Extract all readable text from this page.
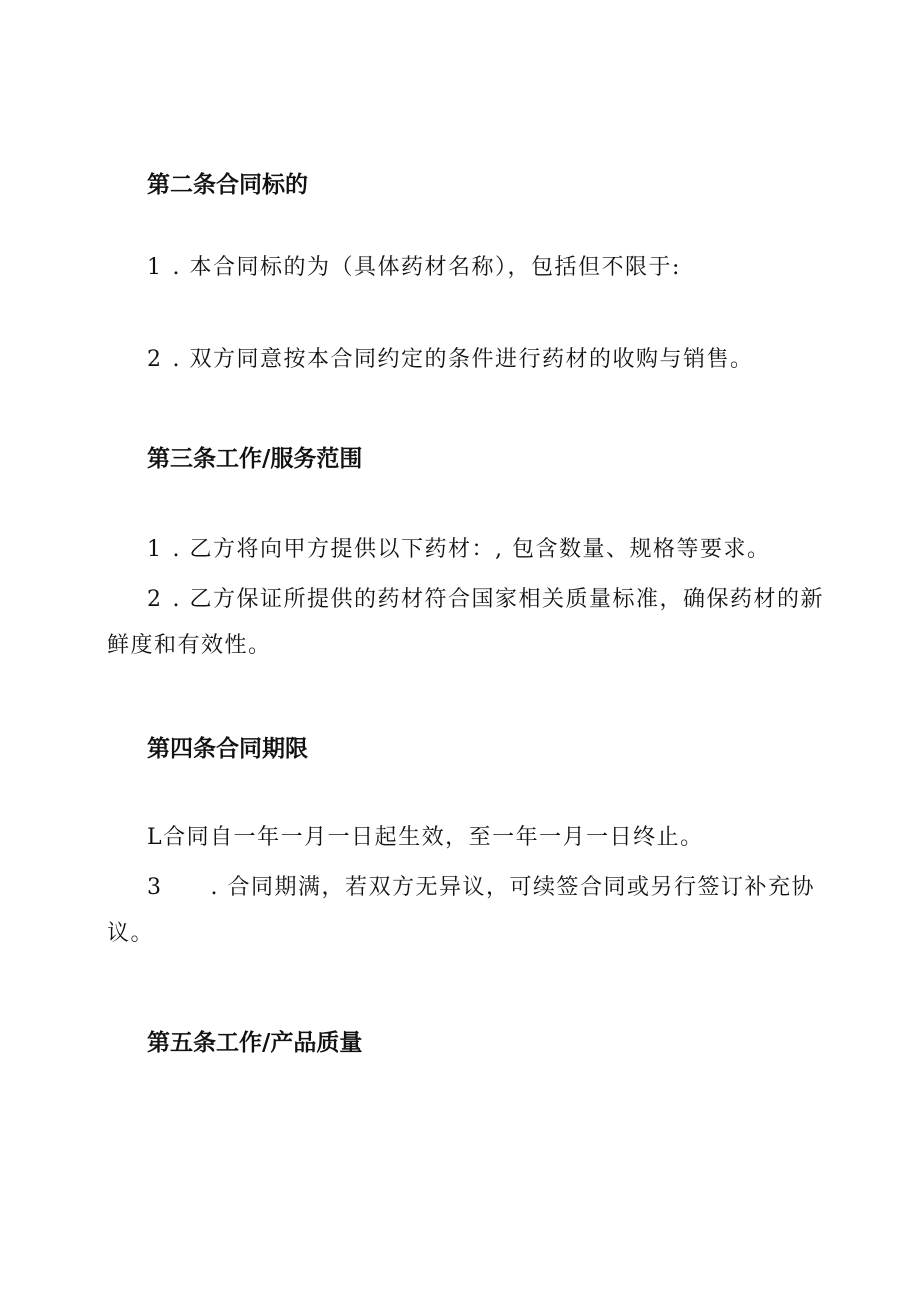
第二条合同标的
1 . 本合同标的为（具体药材名称），包括但不限于:
2 . 双方同意按本合同约定的条件进行药材的收购与销售。
第三条工作/服务范围
1 . 乙方将向甲方提供以下药材：, 包含数量、规格等要求。
2 . 乙方保证所提供的药材符合国家相关质量标准，确保药材的新
鲜度和有效性。
第四条合同期限
L合同自一年一月一日起生效，至一年一月一日终止。
3 . 合同期满，若双方无异议，可续签合同或另行签订补充协
议。
第五条工作/产品质量
